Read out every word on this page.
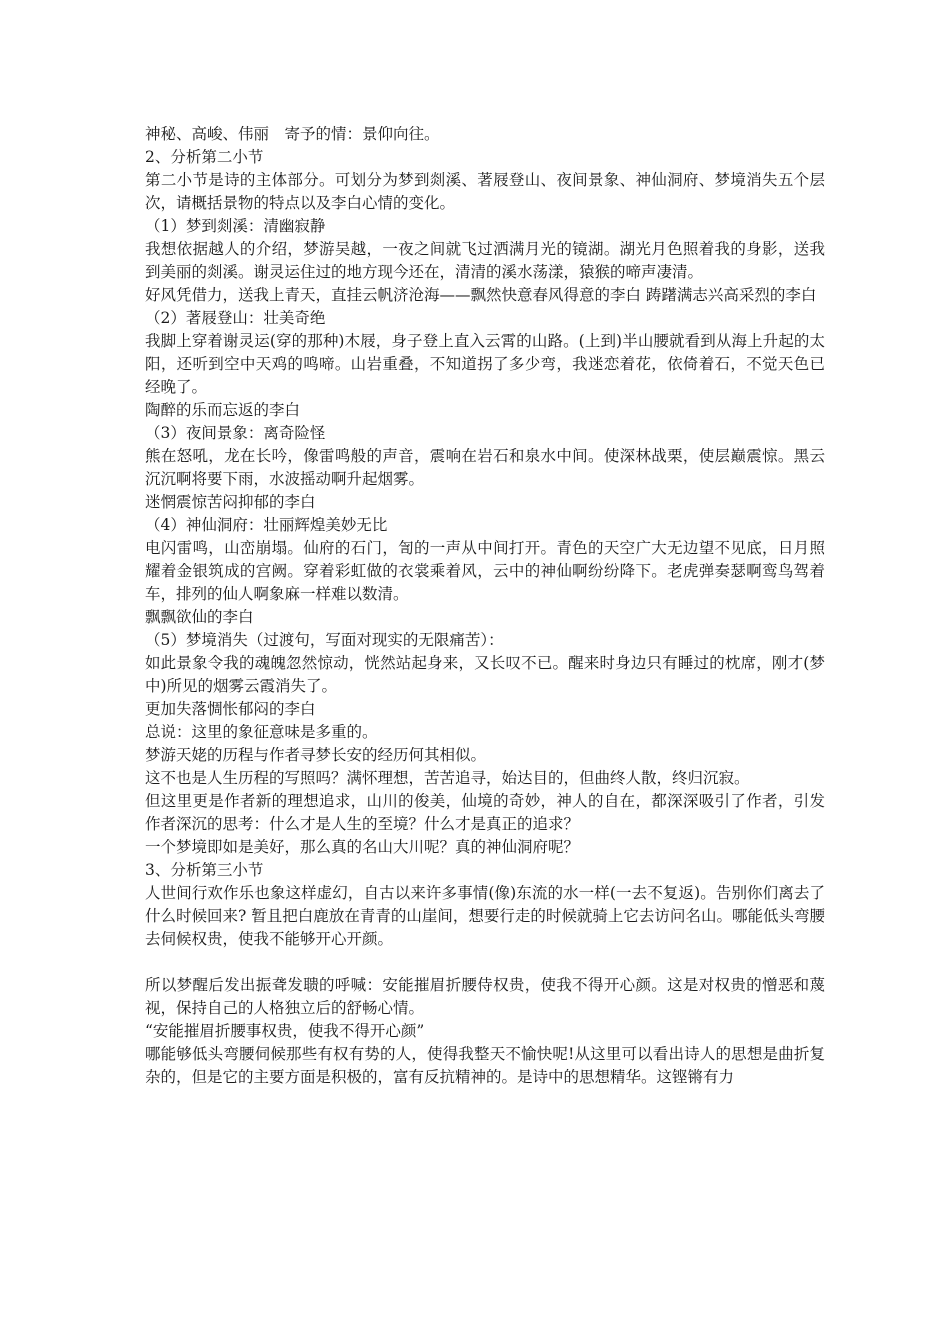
神秘、高峻、伟丽　寄予的情：景仰向往。

2、分析第二小节

第二小节是诗的主体部分。可划分为梦到剡溪、著屐登山、夜间景象、神仙洞府、梦境消失五个层次，请概括景物的特点以及李白心情的变化。

（1）梦到剡溪：清幽寂静

我想依据越人的介绍，梦游吴越，一夜之间就飞过洒满月光的镜湖。湖光月色照着我的身影，送我到美丽的剡溪。谢灵运住过的地方现今还在，清清的溪水荡漾，猿猴的啼声凄清。

好风凭借力，送我上青天，直挂云帆济沧海——飘然快意春风得意的李白 踌躇满志兴高采烈的李白

（2）著屐登山：壮美奇绝

我脚上穿着谢灵运(穿的那种)木屐，身子登上直入云霄的山路。(上到)半山腰就看到从海上升起的太阳，还听到空中天鸡的鸣啼。山岩重叠，不知道拐了多少弯，我迷恋着花，依倚着石，不觉天色已经晚了。

陶醉的乐而忘返的李白

（3）夜间景象：离奇险怪

熊在怒吼，龙在长吟，像雷鸣般的声音，震响在岩石和泉水中间。使深林战栗，使层巅震惊。黑云沉沉啊将要下雨，水波摇动啊升起烟雾。

迷惘震惊苦闷抑郁的李白

（4）神仙洞府：壮丽辉煌美妙无比

电闪雷鸣，山峦崩塌。仙府的石门，訇的一声从中间打开。青色的天空广大无边望不见底，日月照耀着金银筑成的宫阙。穿着彩虹做的衣裳乘着风，云中的神仙啊纷纷降下。老虎弹奏瑟啊鸾鸟驾着车，排列的仙人啊象麻一样难以数清。

飘飘欲仙的李白

（5）梦境消失（过渡句，写面对现实的无限痛苦）：

如此景象令我的魂魄忽然惊动，恍然站起身来，又长叹不已。醒来时身边只有睡过的枕席，刚才(梦中)所见的烟雾云霞消失了。

更加失落惆怅郁闷的李白

总说：这里的象征意味是多重的。

梦游天姥的历程与作者寻梦长安的经历何其相似。

这不也是人生历程的写照吗？满怀理想，苦苦追寻，始达目的，但曲终人散，终归沉寂。

但这里更是作者新的理想追求，山川的俊美，仙境的奇妙，神人的自在，都深深吸引了作者，引发作者深沉的思考：什么才是人生的至境？什么才是真正的追求？

一个梦境即如是美好，那么真的名山大川呢？真的神仙洞府呢？

3、分析第三小节

人世间行欢作乐也象这样虚幻，自古以来许多事情(像)东流的水一样(一去不复返)。告别你们离去了什么时候回来? 暂且把白鹿放在青青的山崖间，想要行走的时候就骑上它去访问名山。哪能低头弯腰去伺候权贵，使我不能够开心开颜。

所以梦醒后发出振聋发聩的呼喊：安能摧眉折腰侍权贵，使我不得开心颜。这是对权贵的憎恶和蔑视，保持自己的人格独立后的舒畅心情。

“安能摧眉折腰事权贵，使我不得开心颜”

哪能够低头弯腰伺候那些有权有势的人，使得我整天不愉快呢!从这里可以看出诗人的思想是曲折复杂的，但是它的主要方面是积极的，富有反抗精神的。是诗中的思想精华。这铿锵有力
